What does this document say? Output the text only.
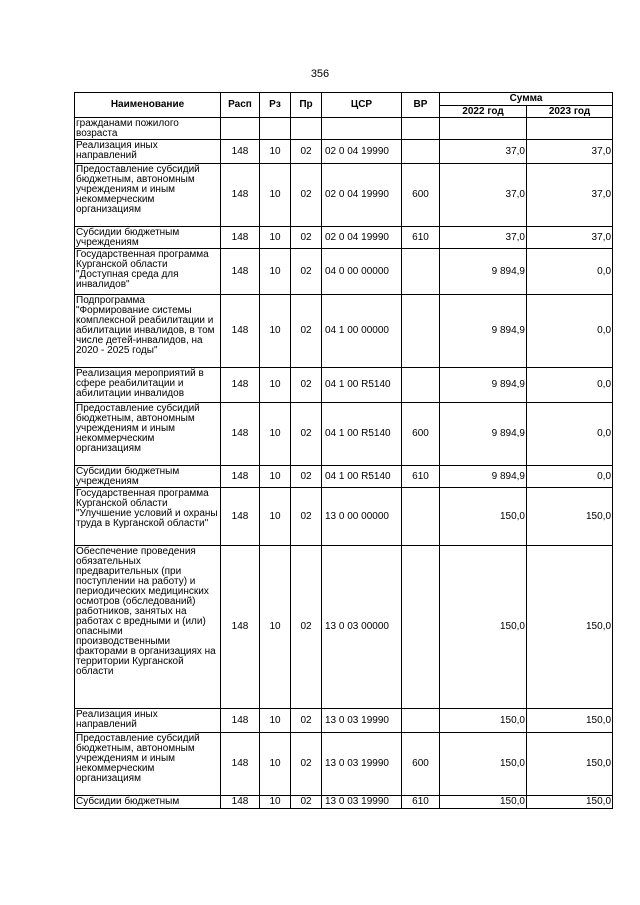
356
Наименование	Расп	Рз	Пр	ЦСР	ВР	Сумма	
						2022 год	2023 год
гражданами пожилого возраста							
Реализация иных направлений	148	10	02	02 0 04 19990		37,0	37,0
Предоставление субсидий бюджетным, автономным учреждениям и иным некоммерческим организациям	148	10	02	02 0 04 19990	600	37,0	37,0
Субсидии бюджетным учреждениям	148	10	02	02 0 04 19990	610	37,0	37,0
Государственная программа Курганской области "Доступная среда для инвалидов"	148	10	02	04 0 00 00000		9 894,9	0,0
Подпрограмма "Формирование системы комплексной реабилитации и абилитации инвалидов, в том числе детей-инвалидов, на 2020 - 2025 годы"	148	10	02	04 1 00 00000		9 894,9	0,0
Реализация мероприятий в сфере реабилитации и абилитации инвалидов	148	10	02	04 1 00 R5140		9 894,9	0,0
Предоставление субсидий бюджетным, автономным учреждениям и иным некоммерческим организациям	148	10	02	04 1 00 R5140	600	9 894,9	0,0
Субсидии бюджетным учреждениям	148	10	02	04 1 00 R5140	610	9 894,9	0,0
Государственная программа Курганской области "Улучшение условий и охраны труда в Курганской области"	148	10	02	13 0 00 00000		150,0	150,0
Обеспечение проведения обязательных предварительных (при поступлении на работу) и периодических медицинских осмотров (обследований) работников, занятых на работах с вредными и (или) опасными производственными факторами в организациях на территории Курганской области	148	10	02	13 0 03 00000		150,0	150,0
Реализация иных направлений	148	10	02	13 0 03 19990		150,0	150,0
Предоставление субсидий бюджетным, автономным учреждениям и иным некоммерческим организациям	148	10	02	13 0 03 19990	600	150,0	150,0
Субсидии бюджетным	148	10	02	13 0 03 19990	610	150,0	150,0
